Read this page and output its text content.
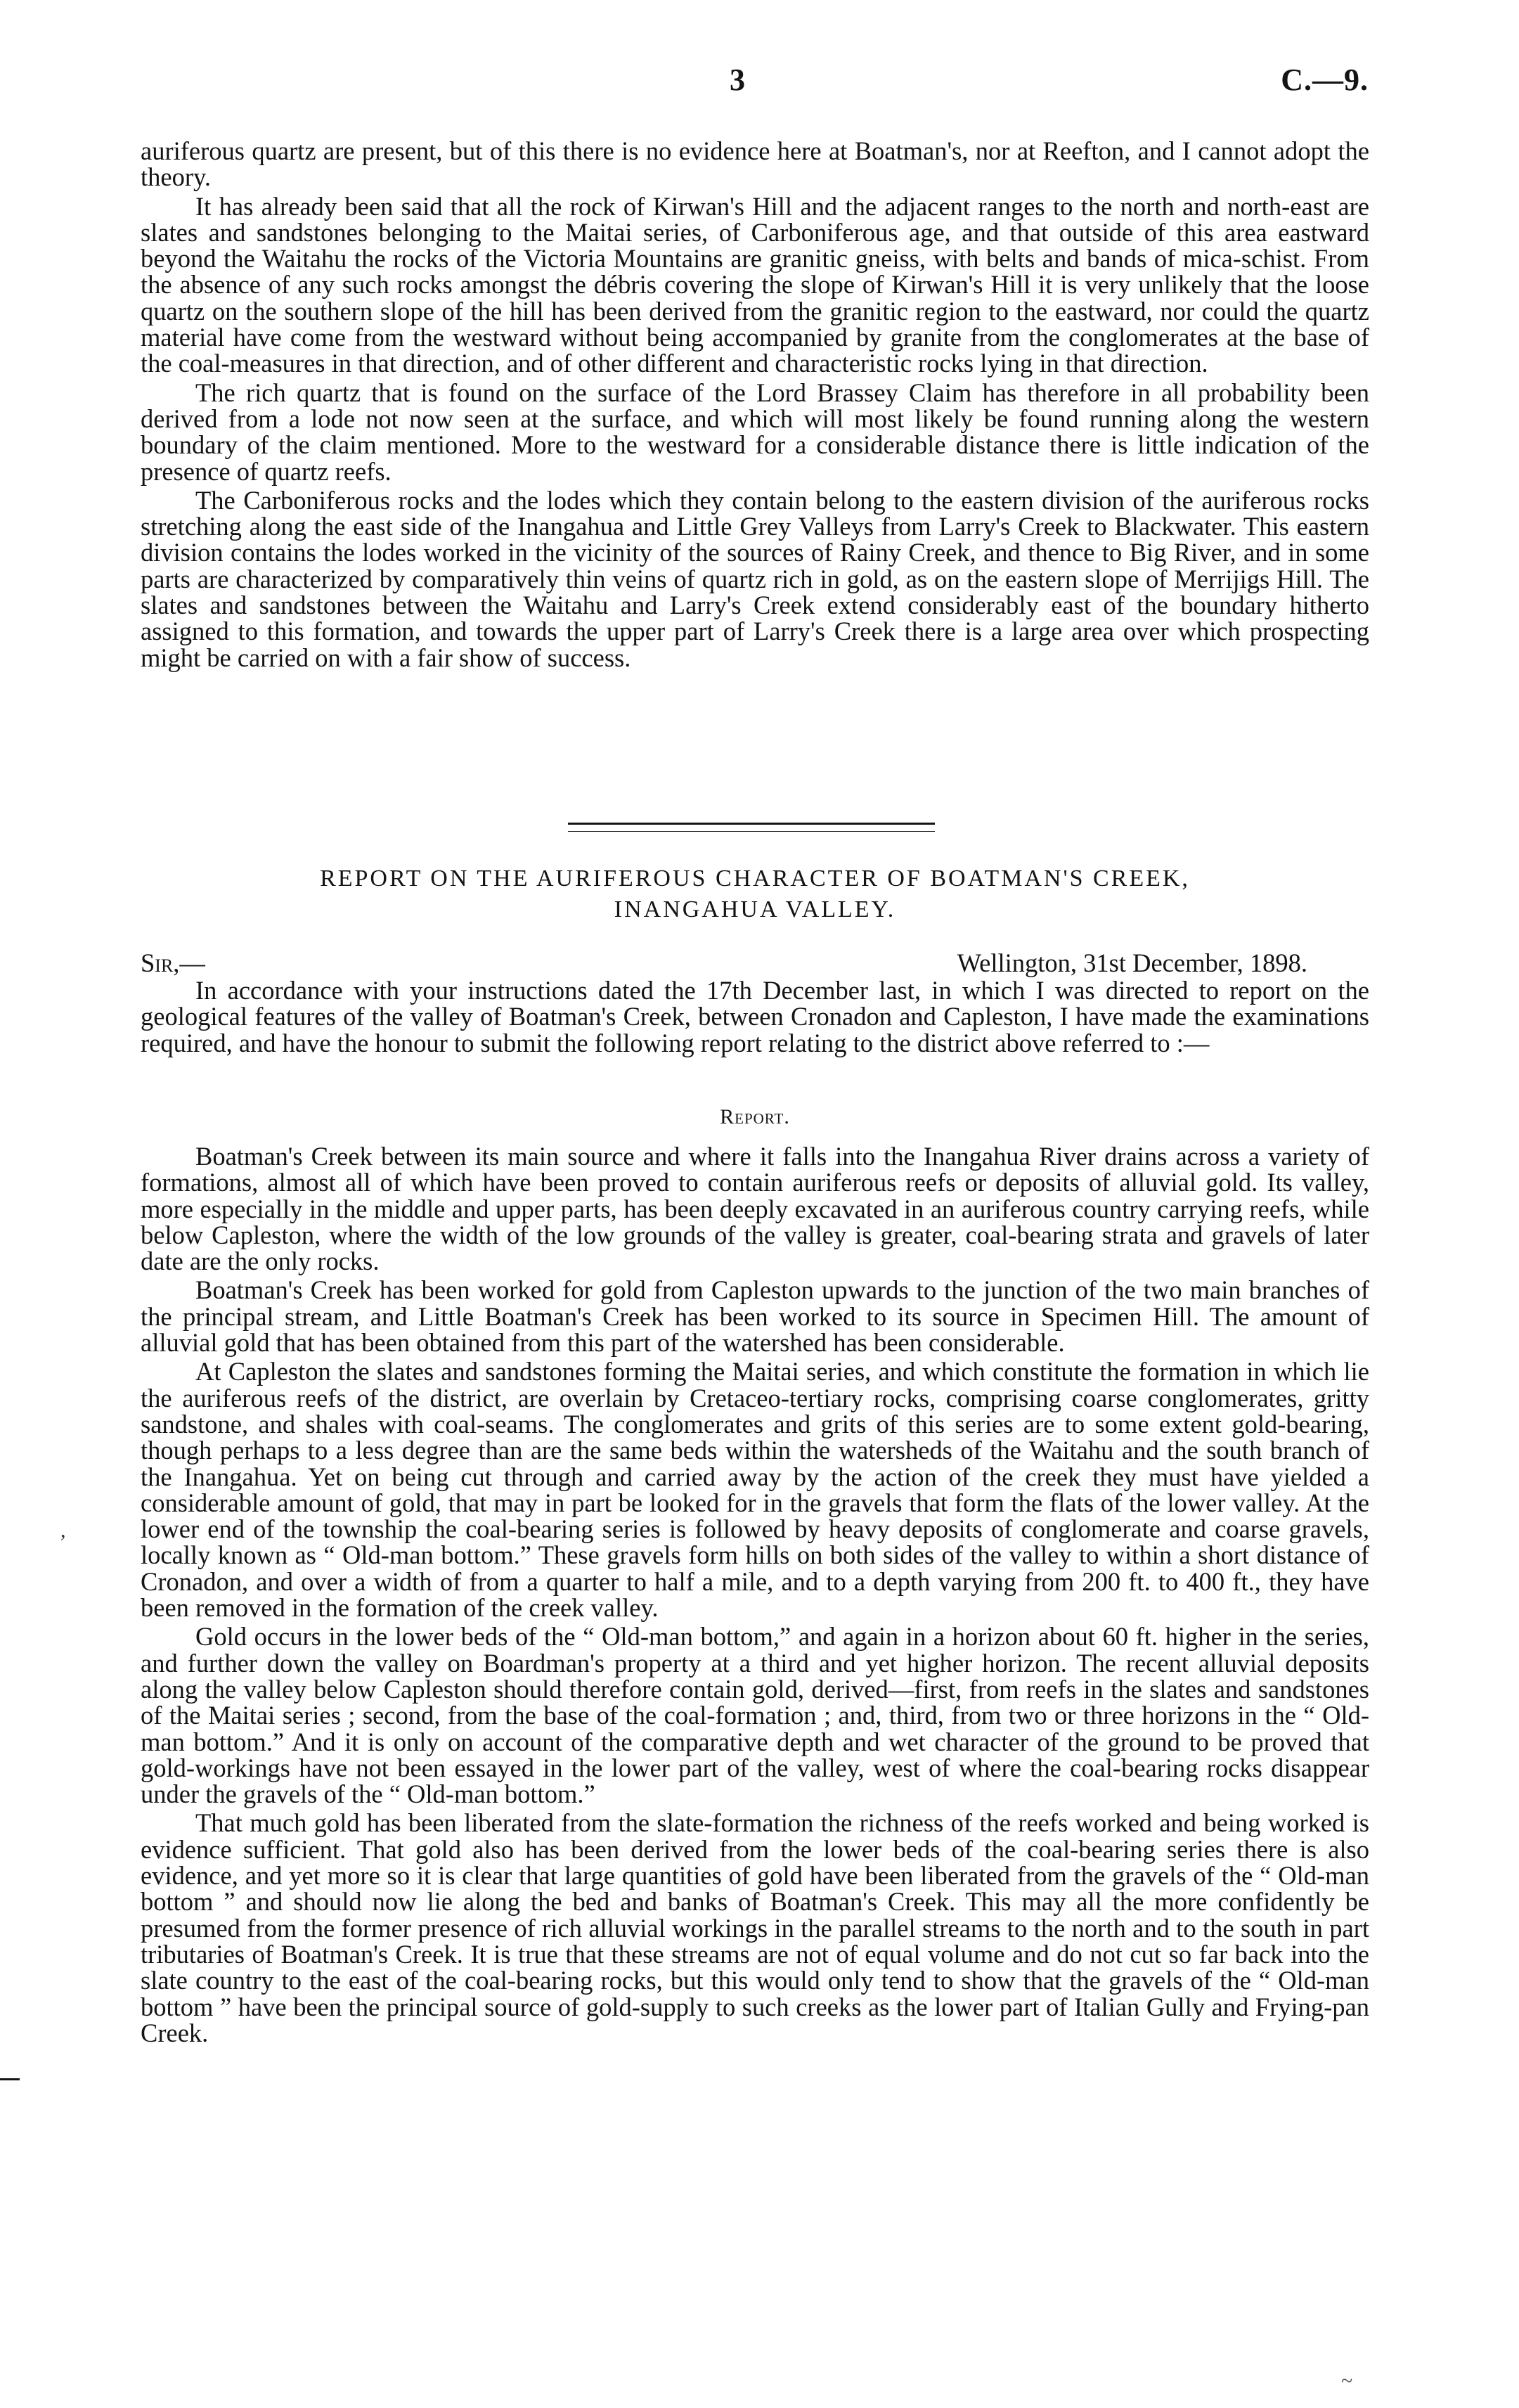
3	C.—9.

auriferous quartz are present, but of this there is no evidence here at Boatman's, nor at Reefton, and I cannot adopt the theory.

It has already been said that all the rock of Kirwan's Hill and the adjacent ranges to the north and north-east are slates and sandstones belonging to the Maitai series, of Carboniferous age, and that outside of this area eastward beyond the Waitahu the rocks of the Victoria Mountains are granitic gneiss, with belts and bands of mica-schist. From the absence of any such rocks amongst the débris covering the slope of Kirwan's Hill it is very unlikely that the loose quartz on the southern slope of the hill has been derived from the granitic region to the eastward, nor could the quartz material have come from the westward without being accompanied by granite from the conglomerates at the base of the coal-measures in that direction, and of other different and characteristic rocks lying in that direction.

The rich quartz that is found on the surface of the Lord Brassey Claim has therefore in all probability been derived from a lode not now seen at the surface, and which will most likely be found running along the western boundary of the claim mentioned. More to the westward for a considerable distance there is little indication of the presence of quartz reefs.

The Carboniferous rocks and the lodes which they contain belong to the eastern division of the auriferous rocks stretching along the east side of the Inangahua and Little Grey Valleys from Larry's Creek to Blackwater. This eastern division contains the lodes worked in the vicinity of the sources of Rainy Creek, and thence to Big River, and in some parts are characterized by comparatively thin veins of quartz rich in gold, as on the eastern slope of Merrijigs Hill. The slates and sandstones between the Waitahu and Larry's Creek extend considerably east of the boundary hitherto assigned to this formation, and towards the upper part of Larry's Creek there is a large area over which prospecting might be carried on with a fair show of success.

REPORT ON THE AURIFEROUS CHARACTER OF BOATMAN'S CREEK,
INANGAHUA VALLEY.
Sir,—	Wellington, 31st December, 1898.

In accordance with your instructions dated the 17th December last, in which I was directed to report on the geological features of the valley of Boatman's Creek, between Cronadon and Capleston, I have made the examinations required, and have the honour to submit the following report relating to the district above referred to :—

Report.

Boatman's Creek between its main source and where it falls into the Inangahua River drains across a variety of formations, almost all of which have been proved to contain auriferous reefs or deposits of alluvial gold. Its valley, more especially in the middle and upper parts, has been deeply excavated in an auriferous country carrying reefs, while below Capleston, where the width of the low grounds of the valley is greater, coal-bearing strata and gravels of later date are the only rocks.

Boatman's Creek has been worked for gold from Capleston upwards to the junction of the two main branches of the principal stream, and Little Boatman's Creek has been worked to its source in Specimen Hill. The amount of alluvial gold that has been obtained from this part of the watershed has been considerable.

At Capleston the slates and sandstones forming the Maitai series, and which constitute the formation in which lie the auriferous reefs of the district, are overlain by Cretaceo-tertiary rocks, comprising coarse conglomerates, gritty sandstone, and shales with coal-seams. The conglomerates and grits of this series are to some extent gold-bearing, though perhaps to a less degree than are the same beds within the watersheds of the Waitahu and the south branch of the Inangahua. Yet on being cut through and carried away by the action of the creek they must have yielded a considerable amount of gold, that may in part be looked for in the gravels that form the flats of the lower valley. At the lower end of the township the coal-bearing series is followed by heavy deposits of conglomerate and coarse gravels, locally known as “ Old-man bottom.” These gravels form hills on both sides of the valley to within a short distance of Cronadon, and over a width of from a quarter to half a mile, and to a depth varying from 200 ft. to 400 ft., they have been removed in the formation of the creek valley.

Gold occurs in the lower beds of the “ Old-man bottom,” and again in a horizon about 60 ft. higher in the series, and further down the valley on Boardman's property at a third and yet higher horizon. The recent alluvial deposits along the valley below Capleston should therefore contain gold, derived—first, from reefs in the slates and sandstones of the Maitai series ; second, from the base of the coal-formation ; and, third, from two or three horizons in the “ Old-man bottom.” And it is only on account of the comparative depth and wet character of the ground to be proved that gold-workings have not been essayed in the lower part of the valley, west of where the coal-bearing rocks disappear under the gravels of the “ Old-man bottom.”

That much gold has been liberated from the slate-formation the richness of the reefs worked and being worked is evidence sufficient. That gold also has been derived from the lower beds of the coal-bearing series there is also evidence, and yet more so it is clear that large quantities of gold have been liberated from the gravels of the “ Old-man bottom ” and should now lie along the bed and banks of Boatman's Creek. This may all the more confidently be presumed from the former presence of rich alluvial workings in the parallel streams to the north and to the south in part tributaries of Boatman's Creek. It is true that these streams are not of equal volume and do not cut so far back into the slate country to the east of the coal-bearing rocks, but this would only tend to show that the gravels of the “ Old-man bottom ” have been the principal source of gold-supply to such creeks as the lower part of Italian Gully and Frying-pan Creek.

,
~
